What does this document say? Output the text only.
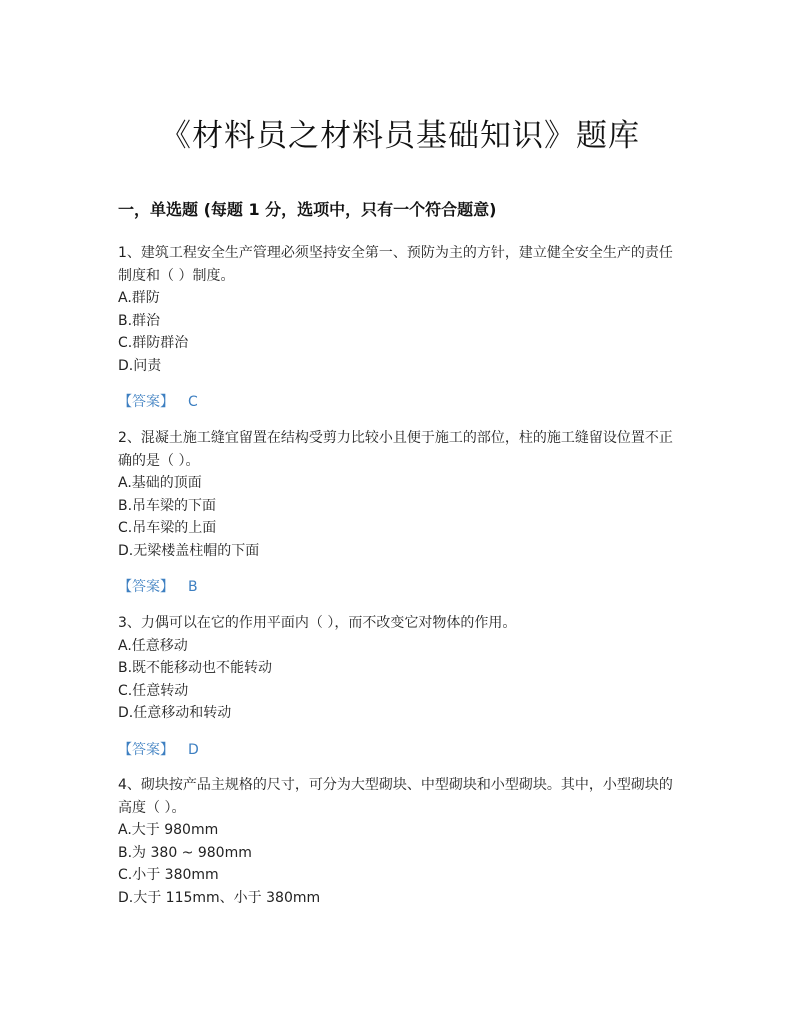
《材料员之材料员基础知识》题库
一，单选题 (每题 1 分，选项中，只有一个符合题意)

1、建筑工程安全生产管理必须坚持安全第一、预防为主的方针，建立健全安全生产的责任制度和（ ）制度。

A.群防

B.群治

C.群防群治

D.问责

【答案】 C

2、混凝土施工缝宜留置在结构受剪力比较小且便于施工的部位，柱的施工缝留设位置不正确的是（ ）。

A.基础的顶面

B.吊车梁的下面

C.吊车梁的上面

D.无梁楼盖柱帽的下面

【答案】 B

3、力偶可以在它的作用平面内（ ），而不改变它对物体的作用。

A.任意移动

B.既不能移动也不能转动

C.任意转动

D.任意移动和转动

【答案】 D

4、砌块按产品主规格的尺寸，可分为大型砌块、中型砌块和小型砌块。其中，小型砌块的高度（ ）。

A.大于 980mm

B.为 380 ~ 980mm

C.小于 380mm

D.大于 115mm、小于 380mm
